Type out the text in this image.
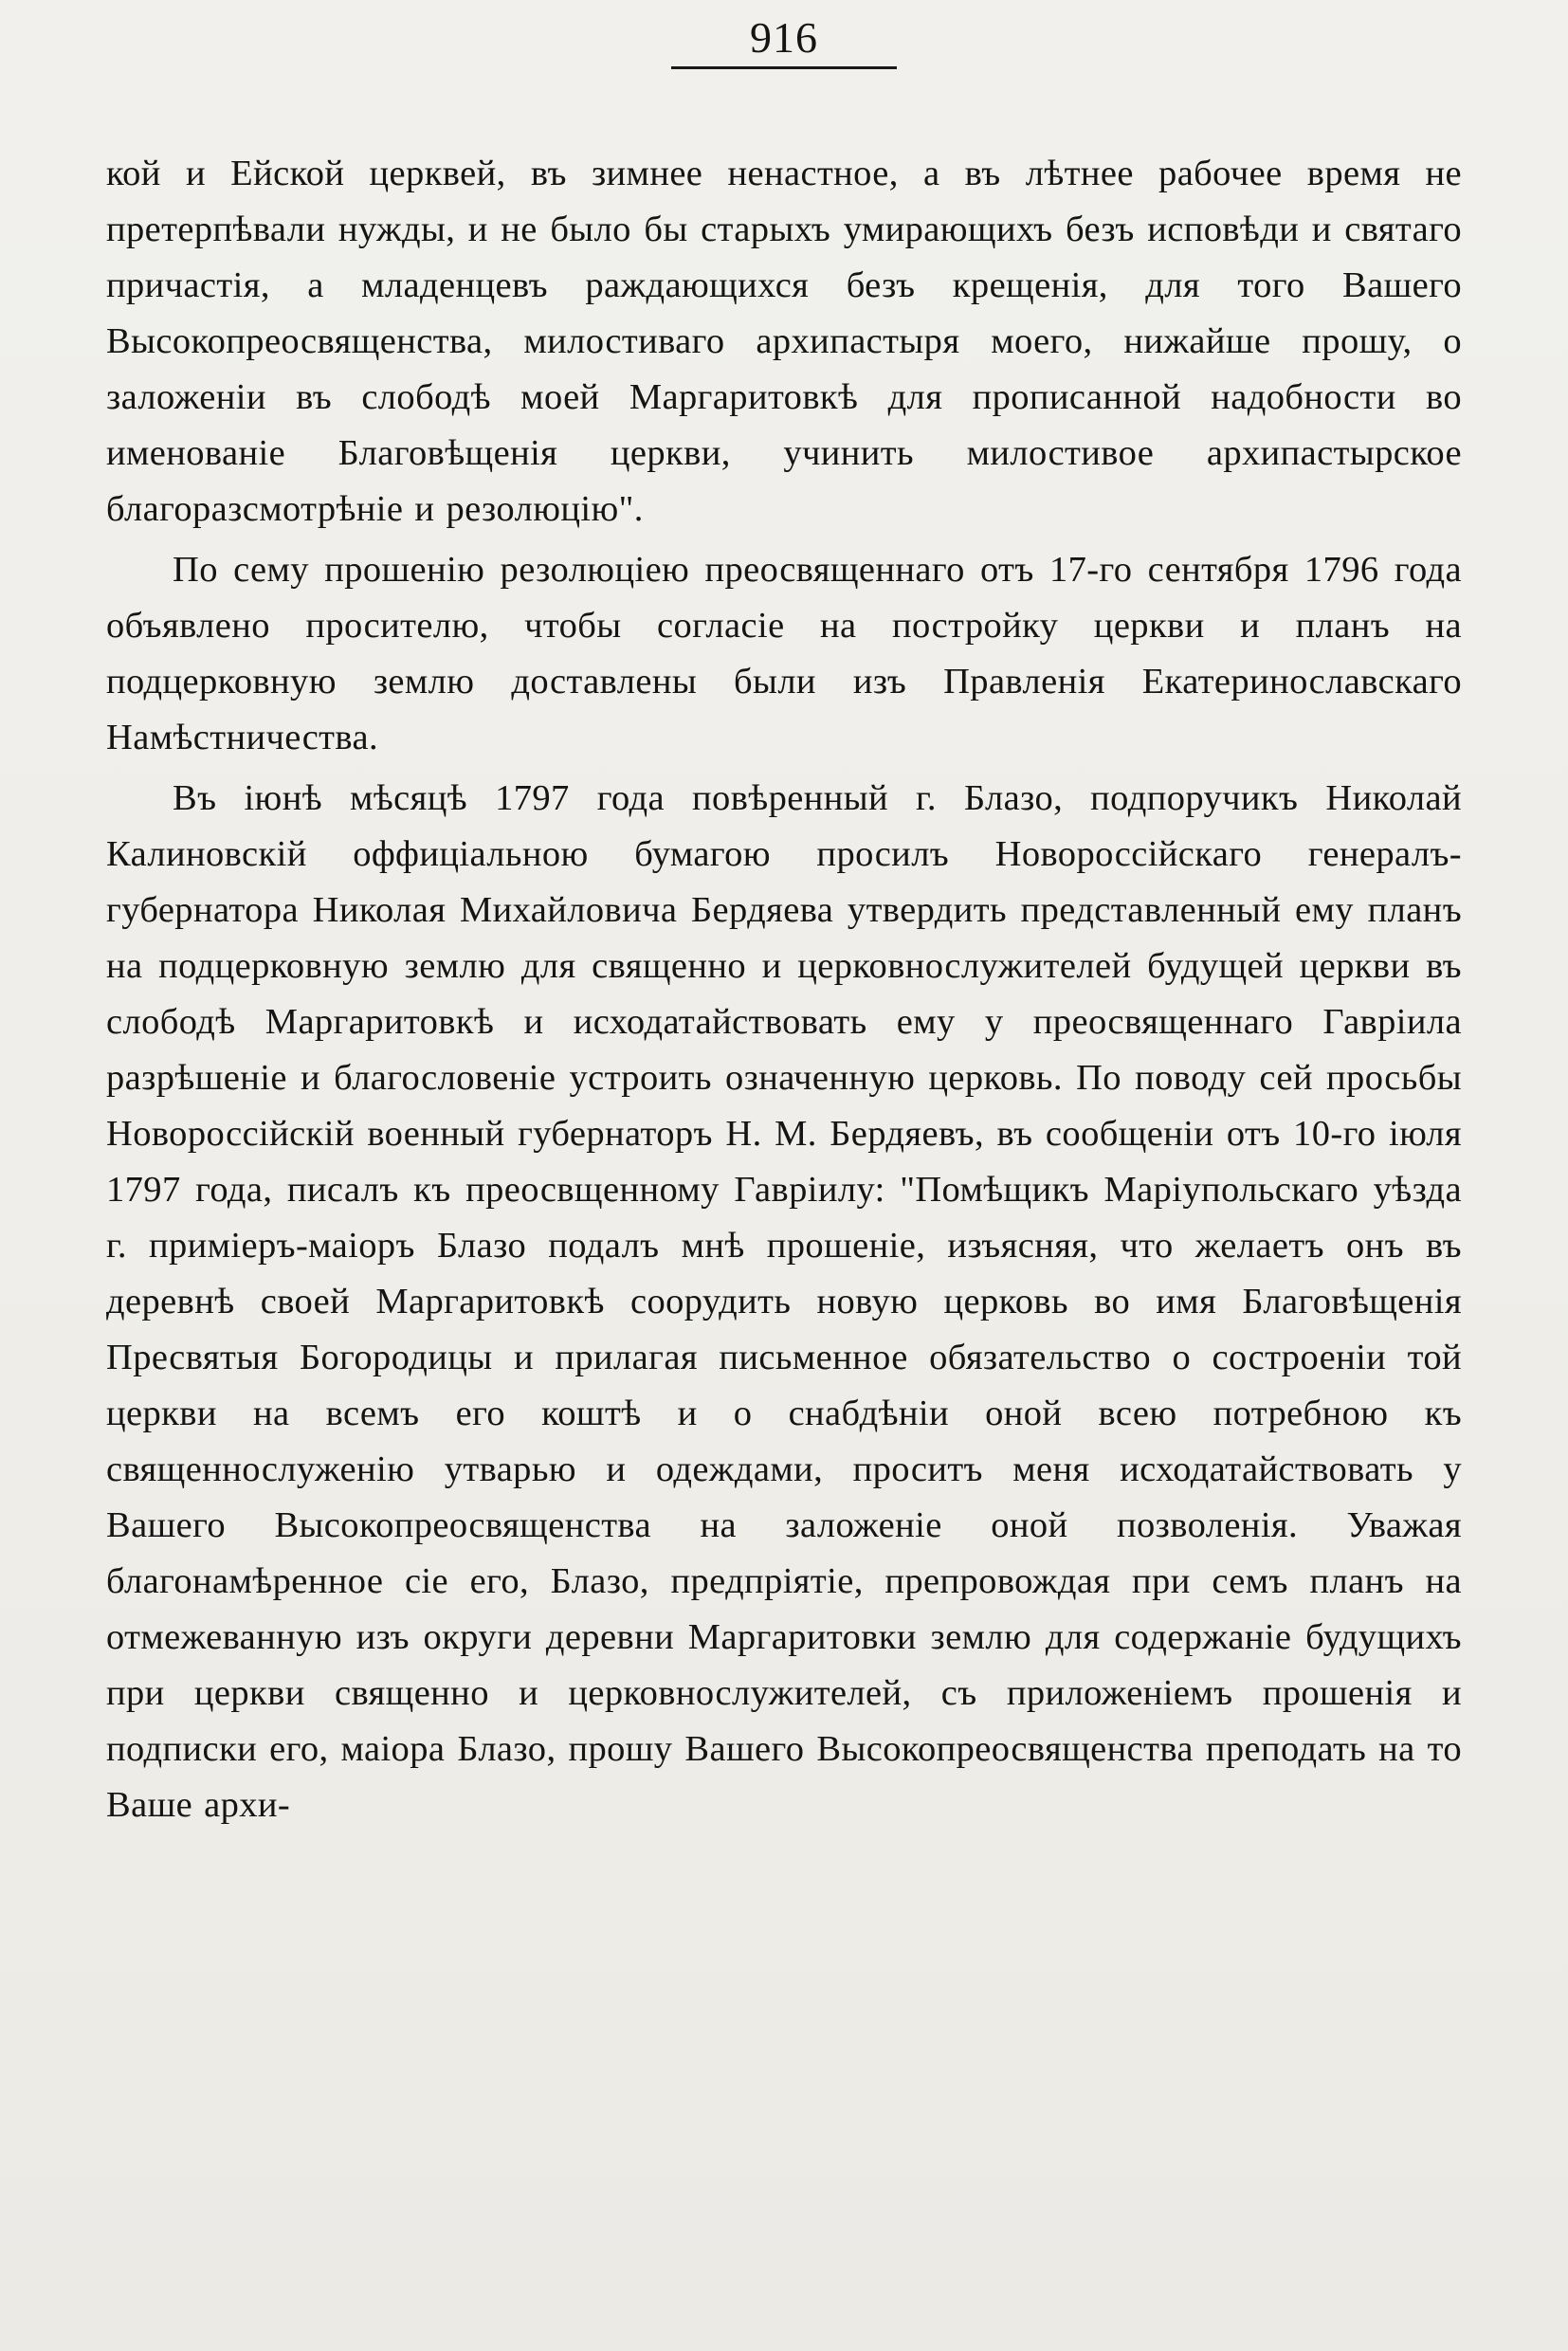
916

кой и Ейской церквей, въ зимнее ненастное, а въ лѣтнее рабочее время не претерпѣвали нужды, и не было бы старыхъ умирающихъ безъ исповѣди и святаго причастія, а младенцевъ раждающихся безъ крещенія, для того Вашего Высокопреосвященства, милостиваго архипастыря моего, нижайше прошу, о заложеніи въ слободѣ моей Маргаритовкѣ для прописанной надобности во именованіе Благовѣщенія церкви, учинить милостивое архипастырское благоразсмотрѣніе и резолюцію".

По сему прошенію резолюціею преосвященнаго отъ 17-го сентября 1796 года объявлено просителю, чтобы согласіе на постройку церкви и планъ на подцерковную землю доставлены были изъ Правленія Екатеринославскаго Намѣстничества.

Въ іюнѣ мѣсяцѣ 1797 года повѣренный г. Блазо, подпоручикъ Николай Калиновскій оффиціальною бумагою просилъ Новороссійскаго генералъ-губернатора Николая Михайловича Бердяева утвердить представленный ему планъ на подцерковную землю для священно и церковнослужителей будущей церкви въ слободѣ Маргаритовкѣ и исходатайствовать ему у преосвященнаго Гавріила разрѣшеніе и благословеніе устроить означенную церковь. По поводу сей просьбы Новороссійскій военный губернаторъ Н. М. Бердяевъ, въ сообщеніи отъ 10-го іюля 1797 года, писалъ къ преосвщенному Гавріилу: "Помѣщикъ Маріупольскаго уѣзда г. приміеръ-маіоръ Блазо подалъ мнѣ прошеніе, изъясняя, что желаетъ онъ въ деревнѣ своей Маргаритовкѣ соорудить новую церковь во имя Благовѣщенія Пресвятыя Богородицы и прилагая письменное обязательство о состроеніи той церкви на всемъ его коштѣ и о снабдѣніи оной всею потребною къ священнослуженію утварью и одеждами, проситъ меня исходатайствовать у Вашего Высокопреосвященства на заложеніе оной позволенія. Уважая благонамѣренное сіе его, Блазо, предпріятіе, препровождая при семъ планъ на отмежеванную изъ округи деревни Маргаритовки землю для содержаніе будущихъ при церкви священно и церковнослужителей, съ приложеніемъ прошенія и подписки его, маіора Блазо, прошу Вашего Высокопреосвященства преподать на то Ваше архи-
